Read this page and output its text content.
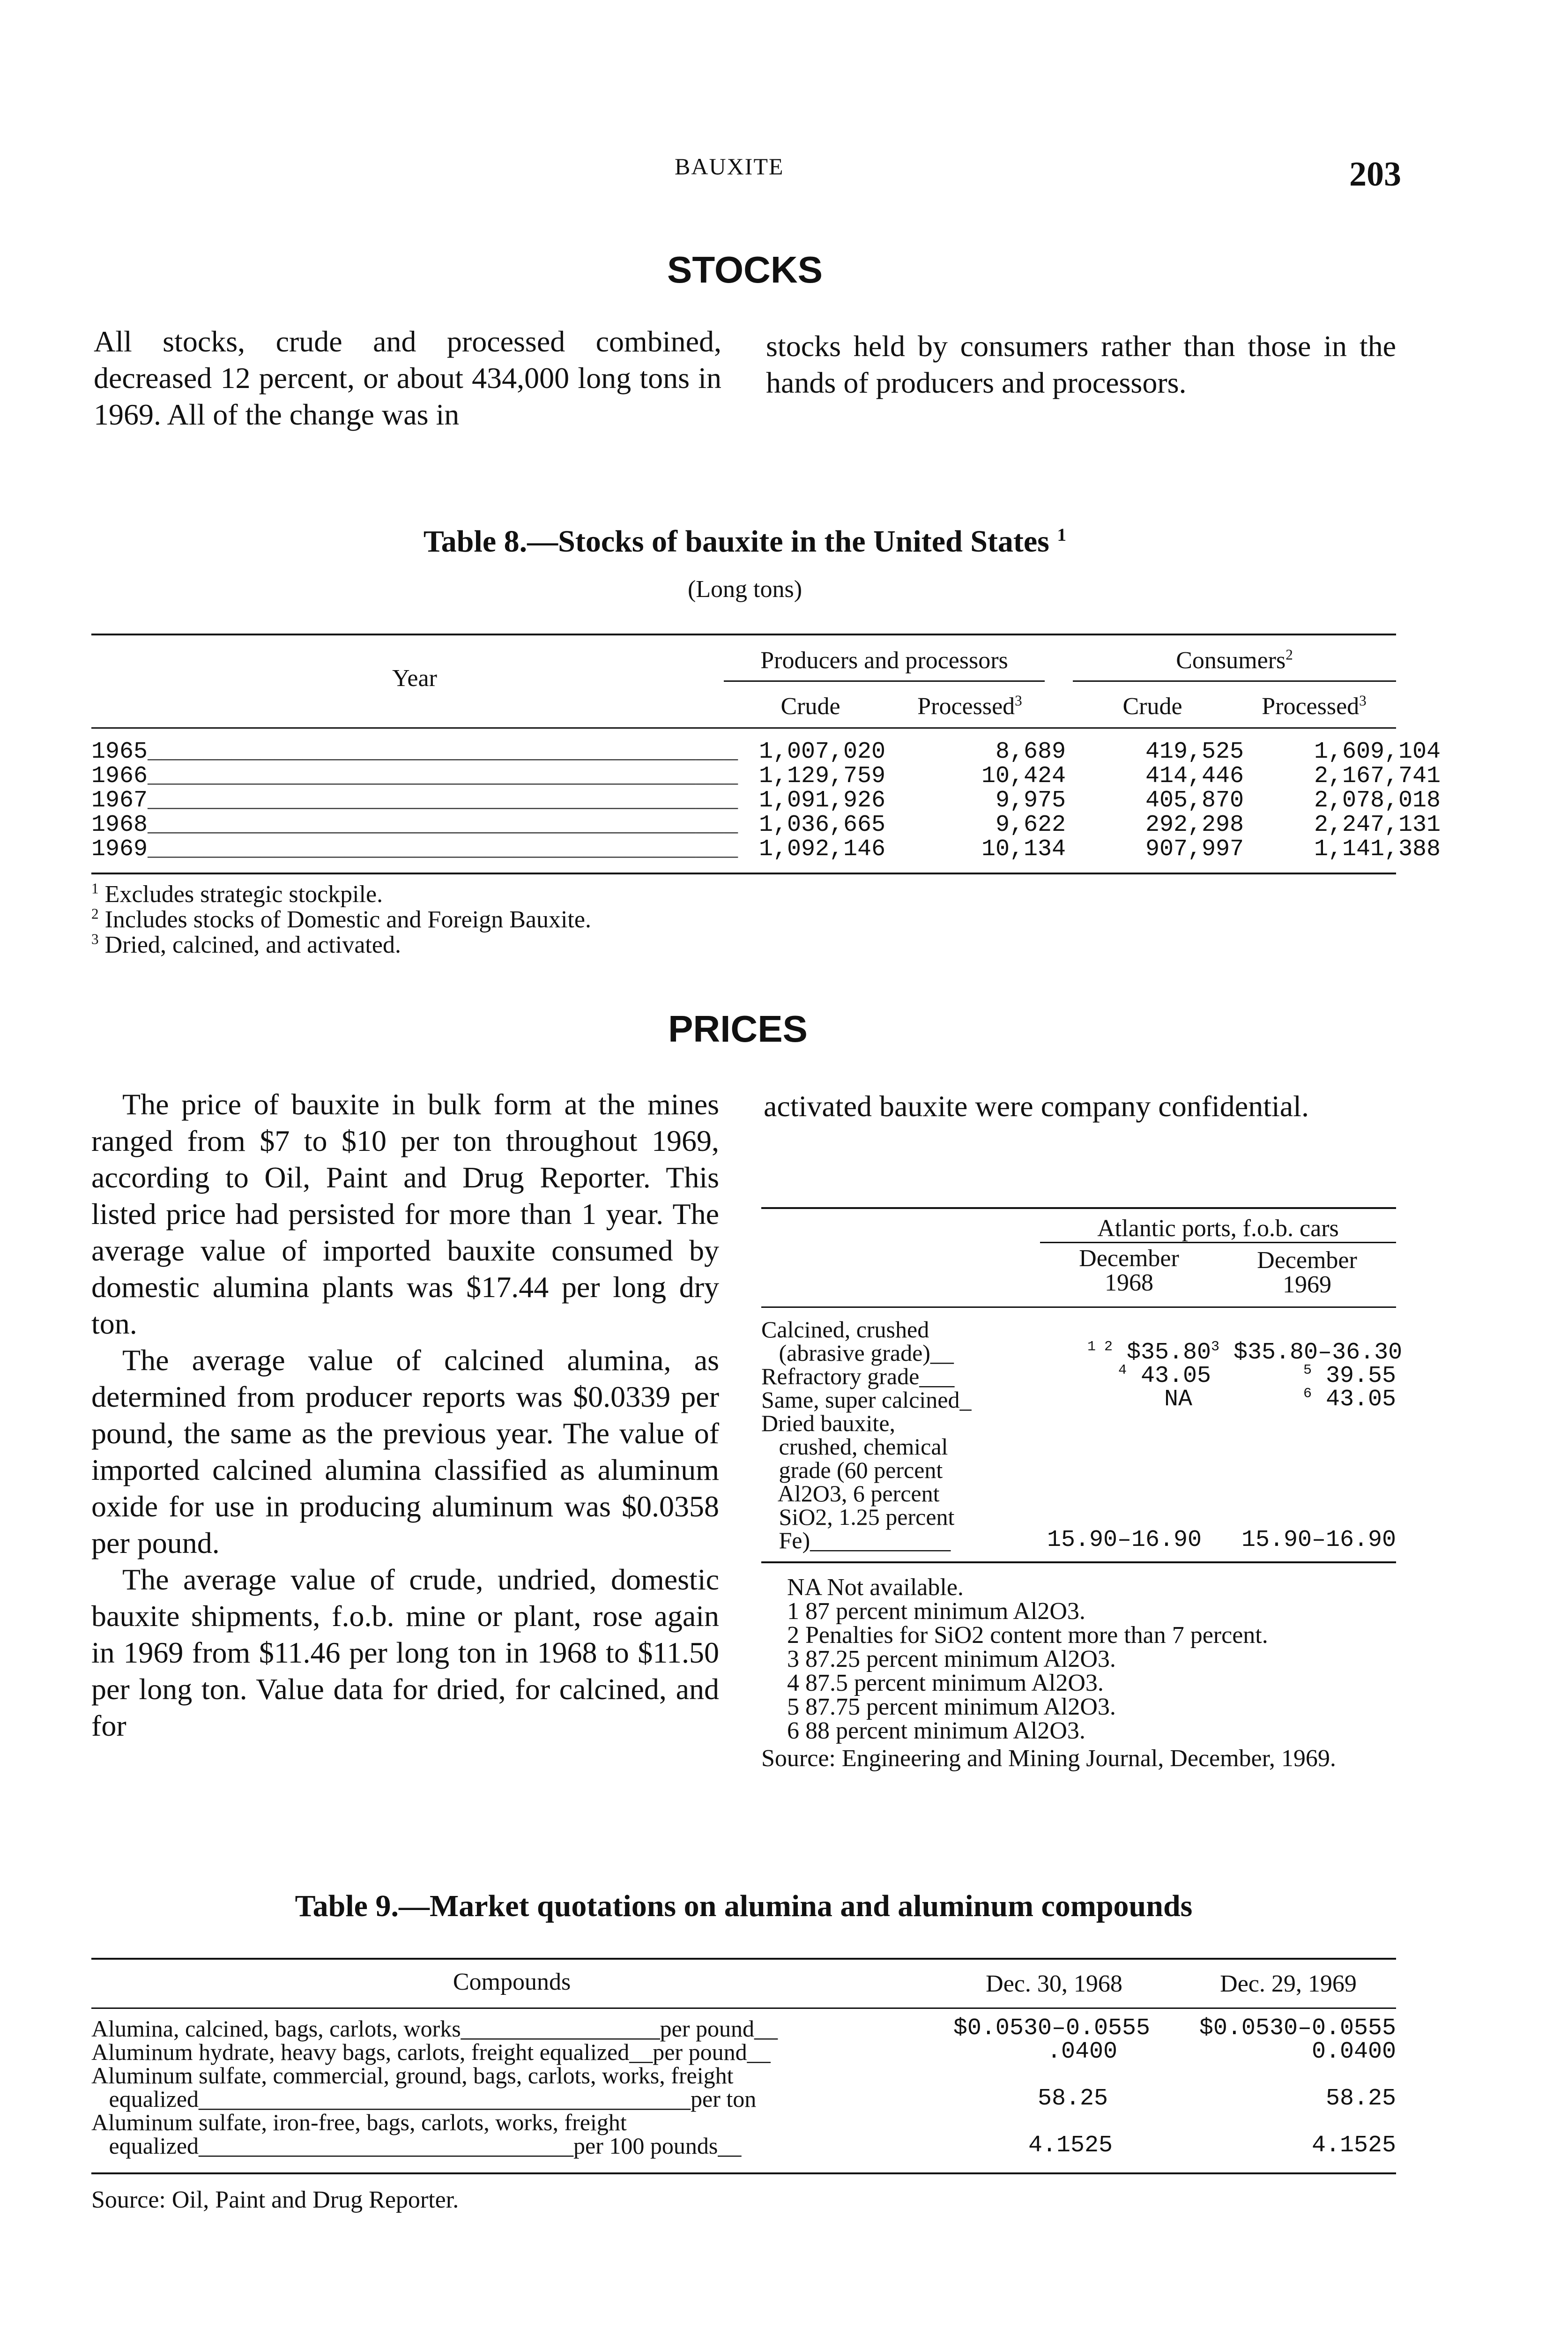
BAUXITE	203
STOCKS
All stocks, crude and processed combined, decreased 12 percent, or about 434,000 long tons in 1969. All of the change was in
stocks held by consumers rather than those in the hands of producers and processors.
Table 8.—Stocks of bauxite in the United States $^1$
(Long tons)
Year
Producers and processors	Consumers$^2$
Crude	Processed$^3$	Crude	Processed$^3$
1965 __________________________________________ 1,007,020	8,689	419,525	1,609,104
1966 __________________________________________ 1,129,759	10,424	414,446	2,167,741
1967 __________________________________________ 1,091,926	9,975	405,870	2,078,018
1968 __________________________________________ 1,036,665	9,622	292,298	2,247,131
1969 __________________________________________ 1,092,146	10,134	907,997	1,141,388
$^1$ Excludes strategic stockpile.
$^2$ Includes stocks of Domestic and Foreign Bauxite.
$^3$ Dried, calcined, and activated.
PRICES

The price of bauxite in bulk form at the mines ranged from $7 to $10 per ton throughout 1969, according to Oil, Paint and Drug Reporter. This listed price had persisted for more than 1 year. The average value of imported bauxite consumed by domestic alumina plants was $17.44 per long dry ton.

The average value of calcined alumina, as determined from producer reports was $0.0339 per pound, the same as the previous year. The value of imported calcined alumina classified as aluminum oxide for use in producing aluminum was $0.0358 per pound.

The average value of crude, undried, domestic bauxite shipments, f.o.b. mine or plant, rose again in 1969 from $11.46 per long ton in 1968 to $11.50 per long ton. Value data for dried, for calcined, and for

activated bauxite were company confidential.
Atlantic ports, f.o.b. cars
December
1968
December
1969
Calcined, crushed
(abrasive grade)__	$^{1 2}$ $35.80 $^3$ $35.80–36.30
Refractory grade___	$^4$ 43.05	$^5$ 39.55
Same, super calcined_	NA	$^6$ 43.05
Dried bauxite,
crushed, chemical
grade (60 percent
Al2O3, 6 percent
SiO2, 1.25 percent
Fe)____________	15.90–16.90	15.90–16.90
NA Not available.
1 87 percent minimum Al2O3.
2 Penalties for SiO2 content more than 7 percent.
3 87.25 percent minimum Al2O3.
4 87.5 percent minimum Al2O3.
5 87.75 percent minimum Al2O3.
6 88 percent minimum Al2O3.
Source: Engineering and Mining Journal, December, 1969.
Table 9.—Market quotations on alumina and aluminum compounds
Compounds	Dec. 30, 1968	Dec. 29, 1969
Alumina, calcined, bags, carlots, works_________________per pound__	$0.0530–0.0555	$0.0530–0.0555
Aluminum hydrate, heavy bags, carlots, freight equalized__per pound__	.0400	0.0400
Aluminum sulfate, commercial, ground, bags, carlots, works, freight
equalized__________________________________________per ton	58.25	58.25
Aluminum sulfate, iron-free, bags, carlots, works, freight
equalized________________________________per 100 pounds__	4.1525	4.1525
Source: Oil, Paint and Drug Reporter.
